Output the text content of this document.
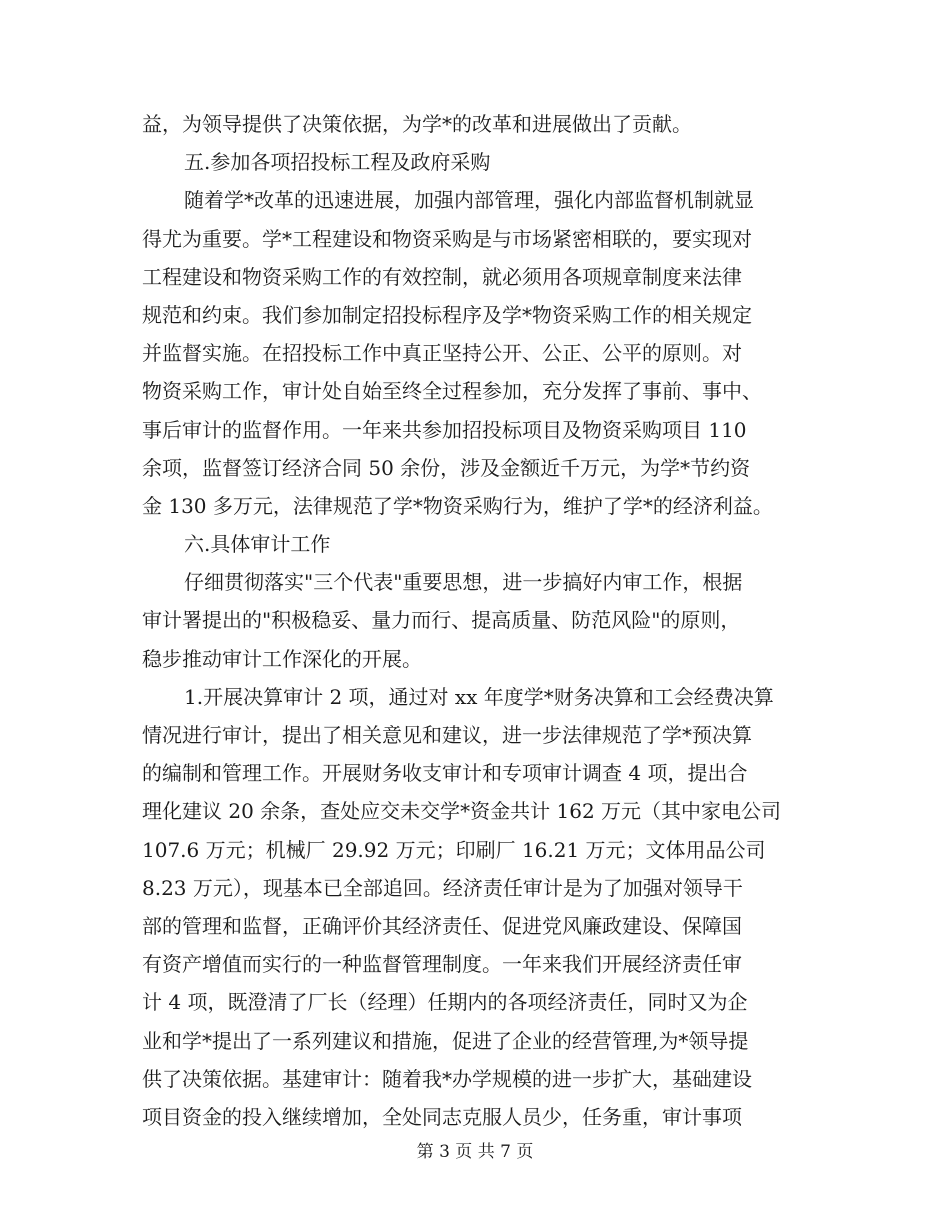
益，为领导提供了决策依据，为学*的改革和进展做出了贡献。
五.参加各项招投标工程及政府采购
随着学*改革的迅速进展，加强内部管理，强化内部监督机制就显
得尤为重要。学*工程建设和物资采购是与市场紧密相联的，要实现对
工程建设和物资采购工作的有效控制，就必须用各项规章制度来法律
规范和约束。我们参加制定招投标程序及学*物资采购工作的相关规定
并监督实施。在招投标工作中真正坚持公开、公正、公平的原则。对
物资采购工作，审计处自始至终全过程参加，充分发挥了事前、事中、
事后审计的监督作用。一年来共参加招投标项目及物资采购项目 110
余项，监督签订经济合同 50 余份，涉及金额近千万元，为学*节约资
金 130 多万元，法律规范了学*物资采购行为，维护了学*的经济利益。
六.具体审计工作
仔细贯彻落实"三个代表"重要思想，进一步搞好内审工作，根据
审计署提出的"积极稳妥、量力而行、提高质量、防范风险"的原则，
稳步推动审计工作深化的开展。
1.开展决算审计 2 项，通过对 xx 年度学*财务决算和工会经费决算
情况进行审计，提出了相关意见和建议，进一步法律规范了学*预决算
的编制和管理工作。开展财务收支审计和专项审计调查 4 项，提出合
理化建议 20 余条，查处应交未交学*资金共计 162 万元（其中家电公司
107.6 万元；机械厂 29.92 万元；印刷厂 16.21 万元；文体用品公司
8.23 万元），现基本已全部追回。经济责任审计是为了加强对领导干
部的管理和监督，正确评价其经济责任、促进党风廉政建设、保障国
有资产增值而实行的一种监督管理制度。一年来我们开展经济责任审
计 4 项，既澄清了厂长（经理）任期内的各项经济责任，同时又为企
业和学*提出了一系列建议和措施，促进了企业的经营管理,为*领导提
供了决策依据。基建审计：随着我*办学规模的进一步扩大，基础建设
项目资金的投入继续增加，全处同志克服人员少，任务重，审计事项
第 3 页 共 7 页
